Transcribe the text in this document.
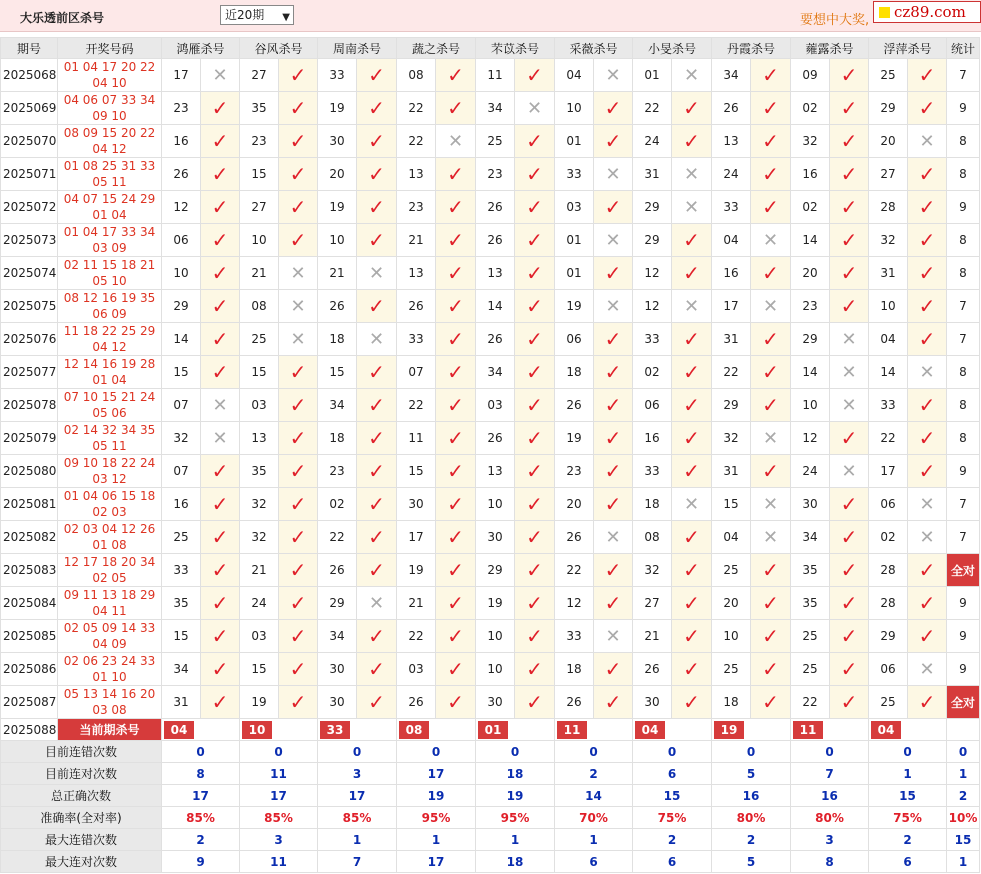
大乐透前区杀号	近20期 ▼	要想中大奖,	cz89.com
期号	开奖号码	鸿雁杀号		谷风杀号		周南杀号		蔬之杀号		芣苡杀号		采薇杀号		小旻杀号		丹霞杀号		蕹露杀号		浮萍杀号		统计
2025068	01 04 17 20 22
04 10	17	✕	27	✓	33	✓	08	✓	11	✓	04	✕	01	✕	34	✓	09	✓	25	✓	7
2025069	04 06 07 33 34
09 10	23	✓	35	✓	19	✓	22	✓	34	✕	10	✓	22	✓	26	✓	02	✓	29	✓	9
2025070	08 09 15 20 22
04 12	16	✓	23	✓	30	✓	22	✕	25	✓	01	✓	24	✓	13	✓	32	✓	20	✕	8
2025071	01 08 25 31 33
05 11	26	✓	15	✓	20	✓	13	✓	23	✓	33	✕	31	✕	24	✓	16	✓	27	✓	8
2025072	04 07 15 24 29
01 04	12	✓	27	✓	19	✓	23	✓	26	✓	03	✓	29	✕	33	✓	02	✓	28	✓	9
2025073	01 04 17 33 34
03 09	06	✓	10	✓	10	✓	21	✓	26	✓	01	✕	29	✓	04	✕	14	✓	32	✓	8
2025074	02 11 15 18 21
05 10	10	✓	21	✕	21	✕	13	✓	13	✓	01	✓	12	✓	16	✓	20	✓	31	✓	8
2025075	08 12 16 19 35
06 09	29	✓	08	✕	26	✓	26	✓	14	✓	19	✕	12	✕	17	✕	23	✓	10	✓	7
2025076	11 18 22 25 29
04 12	14	✓	25	✕	18	✕	33	✓	26	✓	06	✓	33	✓	31	✓	29	✕	04	✓	7
2025077	12 14 16 19 28
01 04	15	✓	15	✓	15	✓	07	✓	34	✓	18	✓	02	✓	22	✓	14	✕	14	✕	8
2025078	07 10 15 21 24
05 06	07	✕	03	✓	34	✓	22	✓	03	✓	26	✓	06	✓	29	✓	10	✕	33	✓	8
2025079	02 14 32 34 35
05 11	32	✕	13	✓	18	✓	11	✓	26	✓	19	✓	16	✓	32	✕	12	✓	22	✓	8
2025080	09 10 18 22 24
03 12	07	✓	35	✓	23	✓	15	✓	13	✓	23	✓	33	✓	31	✓	24	✕	17	✓	9
2025081	01 04 06 15 18
02 03	16	✓	32	✓	02	✓	30	✓	10	✓	20	✓	18	✕	15	✕	30	✓	06	✕	7
2025082	02 03 04 12 26
01 08	25	✓	32	✓	22	✓	17	✓	30	✓	26	✕	08	✓	04	✕	34	✓	02	✕	7
2025083	12 17 18 20 34
02 05	33	✓	21	✓	26	✓	19	✓	29	✓	22	✓	32	✓	25	✓	35	✓	28	✓	全对
2025084	09 11 13 18 29
04 11	35	✓	24	✓	29	✕	21	✓	19	✓	12	✓	27	✓	20	✓	35	✓	28	✓	9
2025085	02 05 09 14 33
04 09	15	✓	03	✓	34	✓	22	✓	10	✓	33	✕	21	✓	10	✓	25	✓	29	✓	9
2025086	02 06 23 24 33
01 10	34	✓	15	✓	30	✓	03	✓	10	✓	18	✓	26	✓	25	✓	25	✓	06	✕	9
2025087	05 13 14 16 20
03 08	31	✓	19	✓	30	✓	26	✓	30	✓	26	✓	30	✓	18	✓	22	✓	25	✓	全对
2025088	当前期杀号	04		10		33		08		01		11		04		19		11		04		
目前连错次数		0		0		0		0		0		0		0		0		0		0		0
目前连对次数		8		11		3		17		18		2		6		5		7		1		1
总正确次数		17		17		17		19		19		14		15		16		16		15		2
准确率(全对率)		85%		85%		85%		95%		95%		70%		75%		80%		80%		75%		10%
最大连错次数		2		3		1		1		1		1		2		2		3		2		15
最大连对次数		9		11		7		17		18		6		6		5		8		6		1
